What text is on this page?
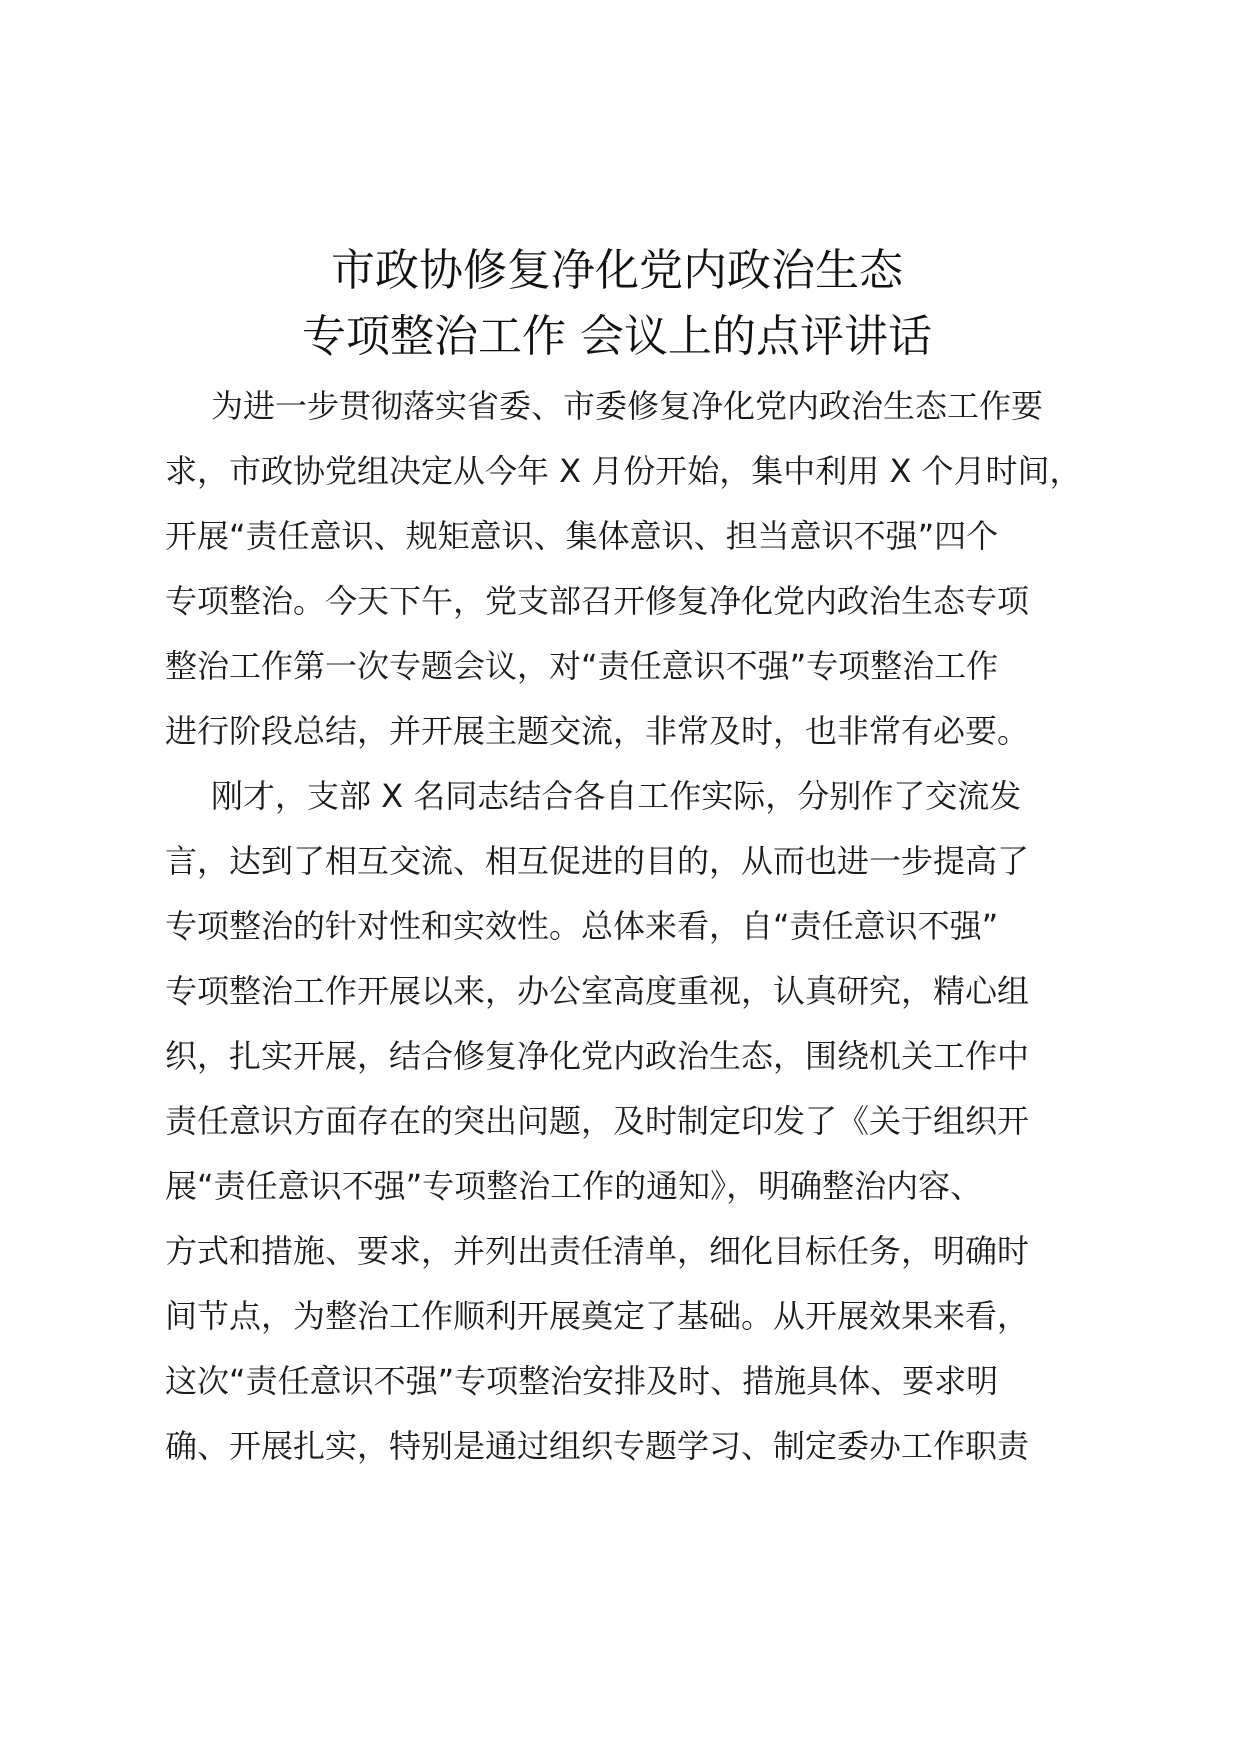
市政协修复净化党内政治生态
专项整治工作 会议上的点评讲话
为进一步贯彻落实省委、市委修复净化党内政治生态工作要
求，市政协党组决定从今年 X 月份开始，集中利用 X 个月时间，
开展“责任意识、规矩意识、集体意识、担当意识不强”四个
专项整治。今天下午，党支部召开修复净化党内政治生态专项
整治工作第一次专题会议，对“责任意识不强”专项整治工作
进行阶段总结，并开展主题交流，非常及时，也非常有必要。
刚才，支部 X 名同志结合各自工作实际，分别作了交流发
言，达到了相互交流、相互促进的目的，从而也进一步提高了
专项整治的针对性和实效性。总体来看，自“责任意识不强”
专项整治工作开展以来，办公室高度重视，认真研究，精心组
织，扎实开展，结合修复净化党内政治生态，围绕机关工作中
责任意识方面存在的突出问题，及时制定印发了《关于组织开
展“责任意识不强”专项整治工作的通知》，明确整治内容、
方式和措施、要求，并列出责任清单，细化目标任务，明确时
间节点，为整治工作顺利开展奠定了基础。从开展效果来看，
这次“责任意识不强”专项整治安排及时、措施具体、要求明
确、开展扎实，特别是通过组织专题学习、制定委办工作职责
